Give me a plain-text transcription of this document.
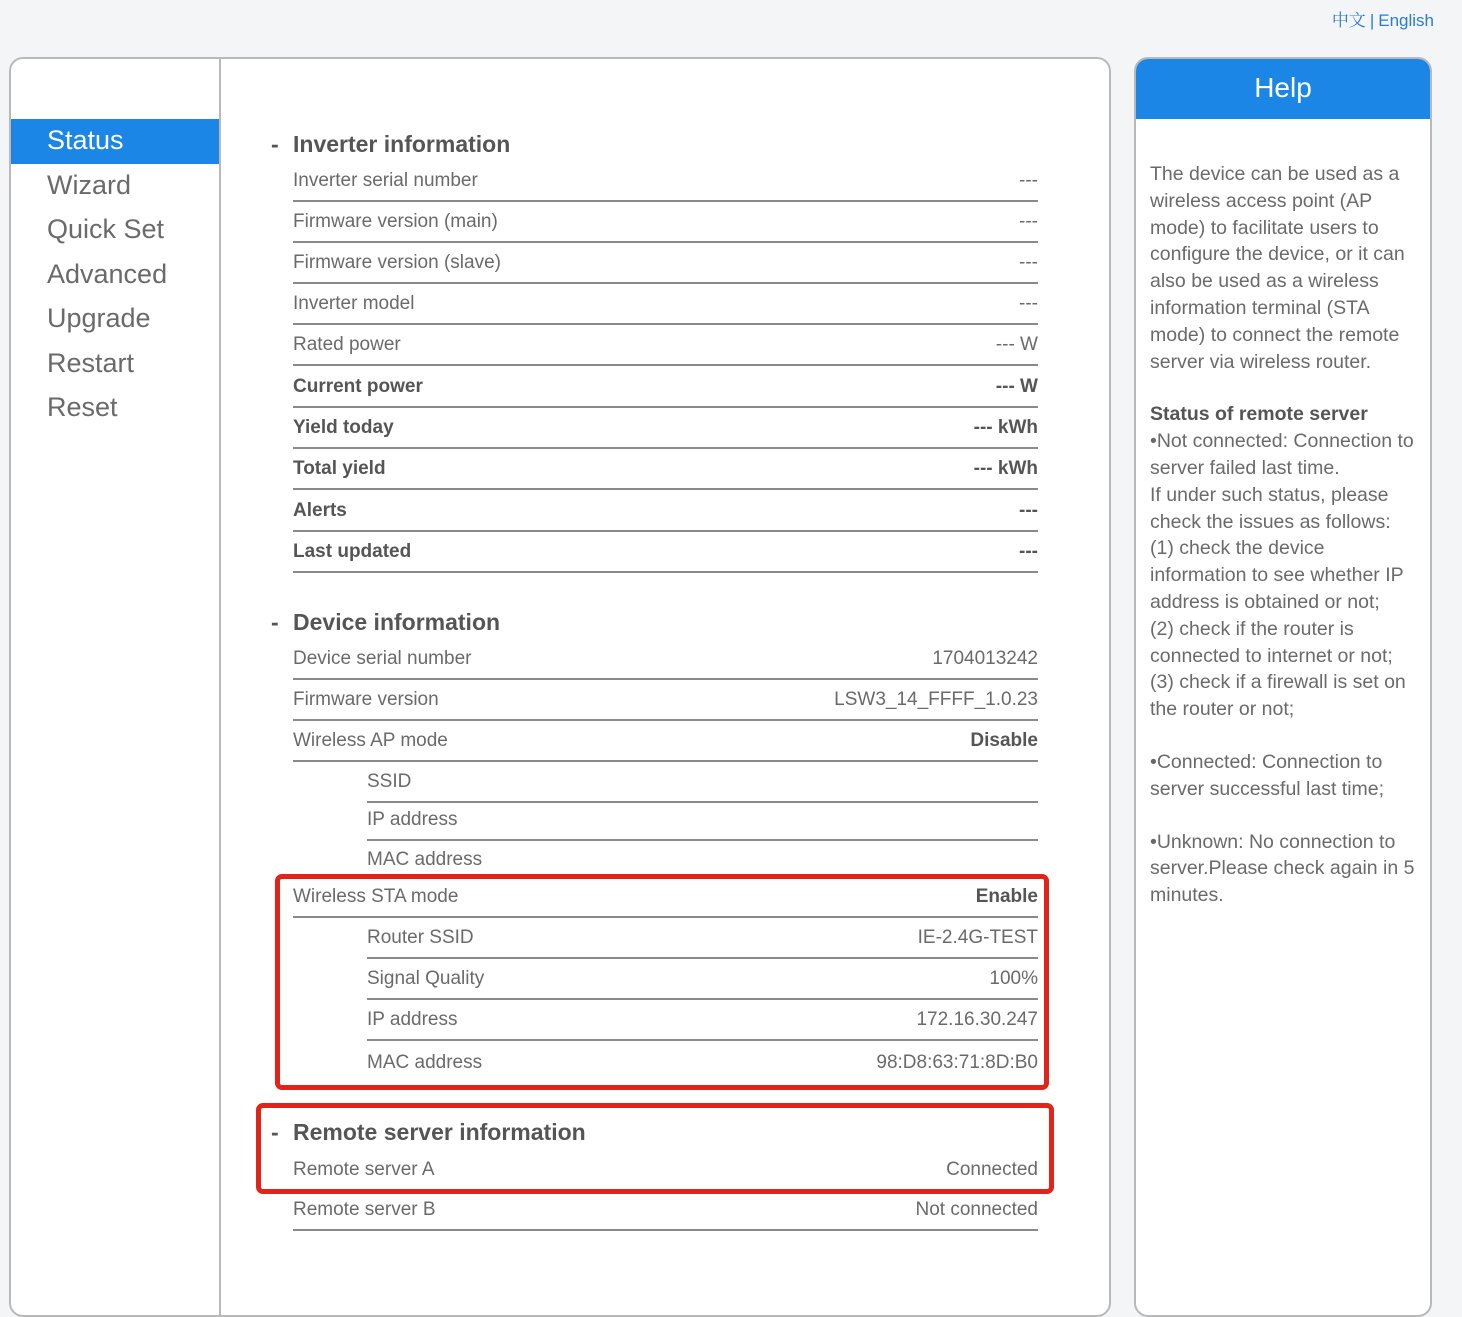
中文 | English
Status
Wizard
Quick Set
Advanced
Upgrade
Restart
Reset
- Inverter information
Inverter serial number	---
Firmware version (main)	---
Firmware version (slave)	---
Inverter model	---
Rated power	--- W
Current power	--- W
Yield today	--- kWh
Total yield	--- kWh
Alerts	---
Last updated	---
- Device information
Device serial number	1704013242
Firmware version	LSW3_14_FFFF_1.0.23
Wireless AP mode	Disable
SSID
IP address
MAC address
Wireless STA mode	Enable
Router SSID	IE-2.4G-TEST
Signal Quality	100%
IP address	172.16.30.247
MAC address	98:D8:63:71:8D:B0
- Remote server information
Remote server A	Connected
Remote server B	Not connected
Help

The device can be used as a wireless access point (AP mode) to facilitate users to configure the device, or it can also be used as a wireless information terminal (STA mode) to connect the remote server via wireless router.

Status of remote server
•Not connected: Connection to server failed last time.
If under such status, please check the issues as follows:
(1) check the device information to see whether IP address is obtained or not;
(2) check if the router is connected to internet or not;

(3) check if a firewall is set on the router or not;

•Connected: Connection to server successful last time;

•Unknown: No connection to server.Please check again in 5 minutes.
